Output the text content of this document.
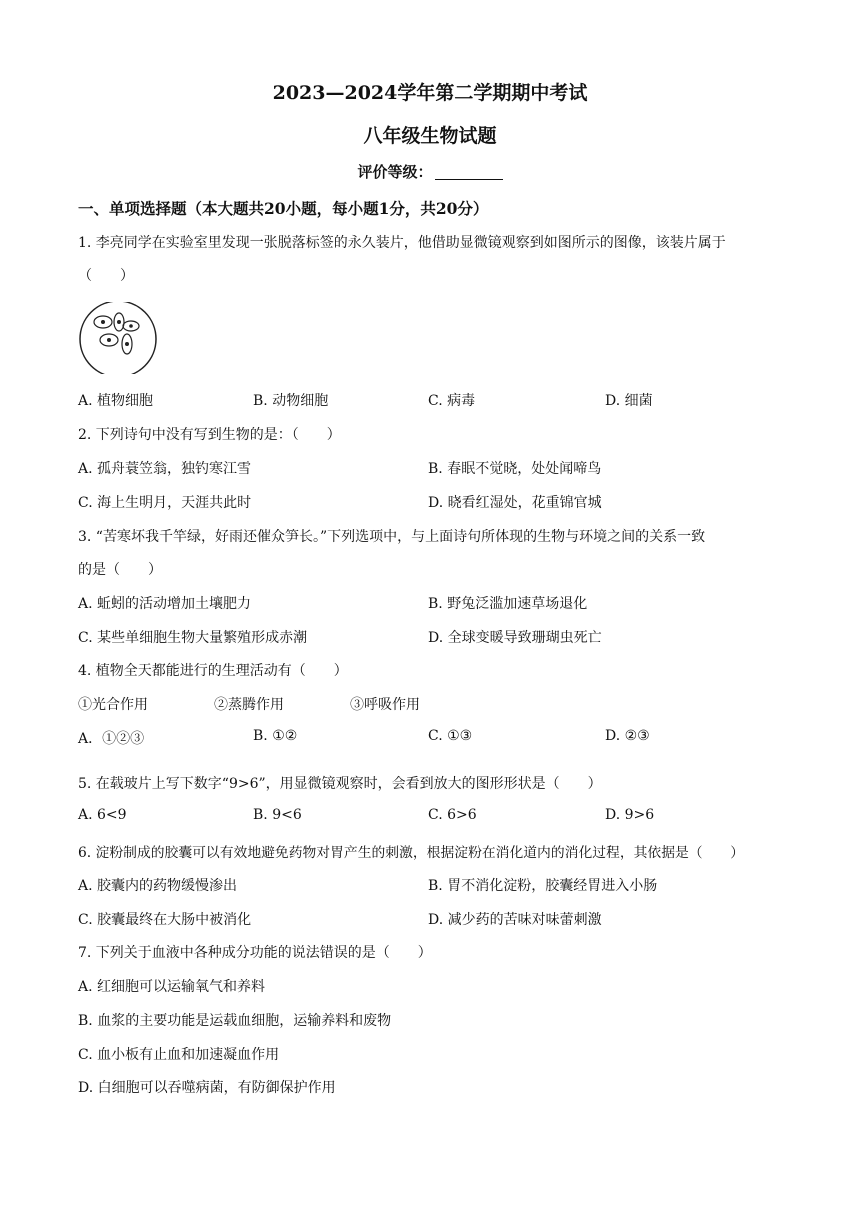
2023—2024学年第二学期期中考试
八年级生物试题
评价等级：
一、单项选择题（本大题共20小题，每小题1分，共20分）
1. 李亮同学在实验室里发现一张脱落标签的永久装片，他借助显微镜观察到如图所示的图像，该装片属于
（　　）
A. 植物细胞	B. 动物细胞	C. 病毒	D. 细菌
2. 下列诗句中没有写到生物的是：（　　）
A. 孤舟蓑笠翁，独钓寒江雪	B. 春眠不觉晓，处处闻啼鸟
C. 海上生明月，天涯共此时	D. 晓看红湿处，花重锦官城
3. “苦寒坏我千竿绿，好雨还催众笋长。”下列选项中，与上面诗句所体现的生物与环境之间的关系一致
的是（　　）
A. 蚯蚓的活动增加土壤肥力	B. 野兔泛滥加速草场退化
C. 某些单细胞生物大量繁殖形成赤潮	D. 全球变暖导致珊瑚虫死亡
4. 植物全天都能进行的生理活动有（　　）
①光合作用	②蒸腾作用	③呼吸作用
A．①②③	B. ①②	C. ①③	D. ②③
5. 在载玻片上写下数字“9>6”，用显微镜观察时，会看到放大的图形形状是（　　）
A. 6<9	B. 9<6	C. 6>6	D. 9>6
6. 淀粉制成的胶囊可以有效地避免药物对胃产生的刺激，根据淀粉在消化道内的消化过程，其依据是（　　）
A. 胶囊内的药物缓慢渗出	B. 胃不消化淀粉，胶囊经胃进入小肠
C. 胶囊最终在大肠中被消化	D. 减少药的苦味对味蕾刺激
7. 下列关于血液中各种成分功能的说法错误的是（　　）
A. 红细胞可以运输氧气和养料
B. 血浆的主要功能是运载血细胞，运输养料和废物
C. 血小板有止血和加速凝血作用
D. 白细胞可以吞噬病菌，有防御保护作用
